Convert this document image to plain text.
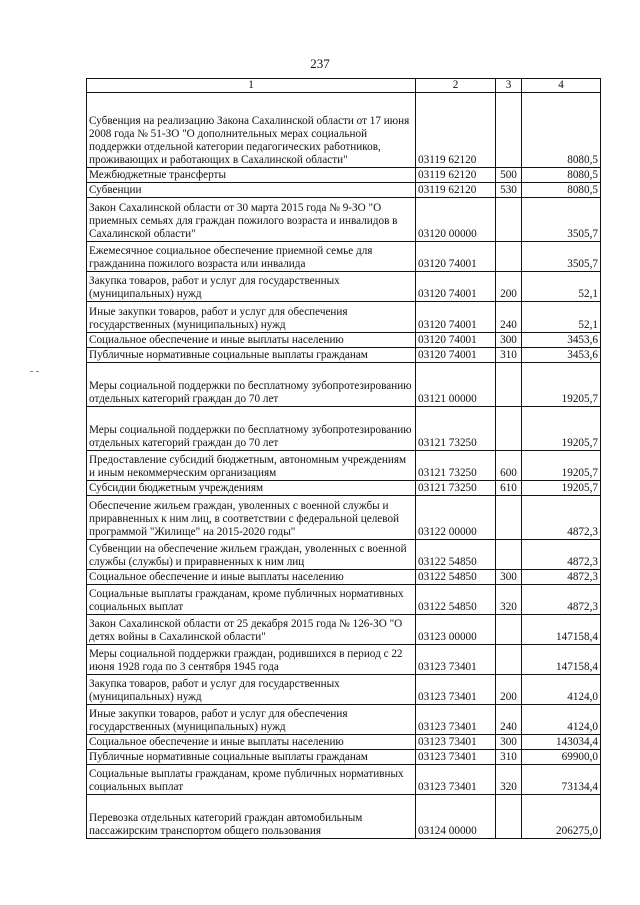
237
1	2	3	4
Субвенция на реализацию Закона Сахалинской области от 17 июня 2008 года № 51-ЗО "О дополнительных мерах социальной поддержки отдельной категории педагогических работников, проживающих и работающих в Сахалинской области"	03119 62120		8080,5
Межбюджетные трансферты	03119 62120	500	8080,5
Субвенции	03119 62120	530	8080,5
Закон Сахалинской области от 30 марта 2015 года № 9-ЗО "О приемных семьях для граждан пожилого возраста и инвалидов в Сахалинской области"	03120 00000		3505,7
Ежемесячное социальное обеспечение приемной семье для гражданина пожилого возраста или инвалида	03120 74001		3505,7
Закупка товаров, работ и услуг для государственных (муниципальных) нужд	03120 74001	200	52,1
Иные закупки товаров, работ и услуг для обеспечения государственных (муниципальных) нужд	03120 74001	240	52,1
Социальное обеспечение и иные выплаты населению	03120 74001	300	3453,6
Публичные нормативные социальные выплаты гражданам	03120 74001	310	3453,6
Меры социальной поддержки по бесплатному зубопротезированию отдельных категорий граждан до 70 лет	03121 00000		19205,7
Меры социальной поддержки по бесплатному зубопротезированию отдельных категорий граждан до 70 лет	03121 73250		19205,7
Предоставление субсидий бюджетным, автономным учреждениям и иным некоммерческим организациям	03121 73250	600	19205,7
Субсидии бюджетным учреждениям	03121 73250	610	19205,7
Обеспечение жильем граждан, уволенных с военной службы и приравненных к ним лиц, в соответствии с федеральной целевой программой "Жилище" на 2015-2020 годы"	03122 00000		4872,3
Субвенции на обеспечение жильем граждан, уволенных с военной службы (службы) и приравненных к ним лиц	03122 54850		4872,3
Социальное обеспечение и иные выплаты населению	03122 54850	300	4872,3
Социальные выплаты гражданам, кроме публичных нормативных социальных выплат	03122 54850	320	4872,3
Закон Сахалинской области от 25 декабря 2015 года № 126-ЗО "О детях войны в Сахалинской области"	03123 00000		147158,4
Меры социальной поддержки граждан, родившихся в период с 22 июня 1928 года по 3 сентября 1945 года	03123 73401		147158,4
Закупка товаров, работ и услуг для государственных (муниципальных) нужд	03123 73401	200	4124,0
Иные закупки товаров, работ и услуг для обеспечения государственных (муниципальных) нужд	03123 73401	240	4124,0
Социальное обеспечение и иные выплаты населению	03123 73401	300	143034,4
Публичные нормативные социальные выплаты гражданам	03123 73401	310	69900,0
Социальные выплаты гражданам, кроме публичных нормативных социальных выплат	03123 73401	320	73134,4
Перевозка отдельных категорий граждан автомобильным пассажирским транспортом общего пользования	03124 00000		206275,0
- -
